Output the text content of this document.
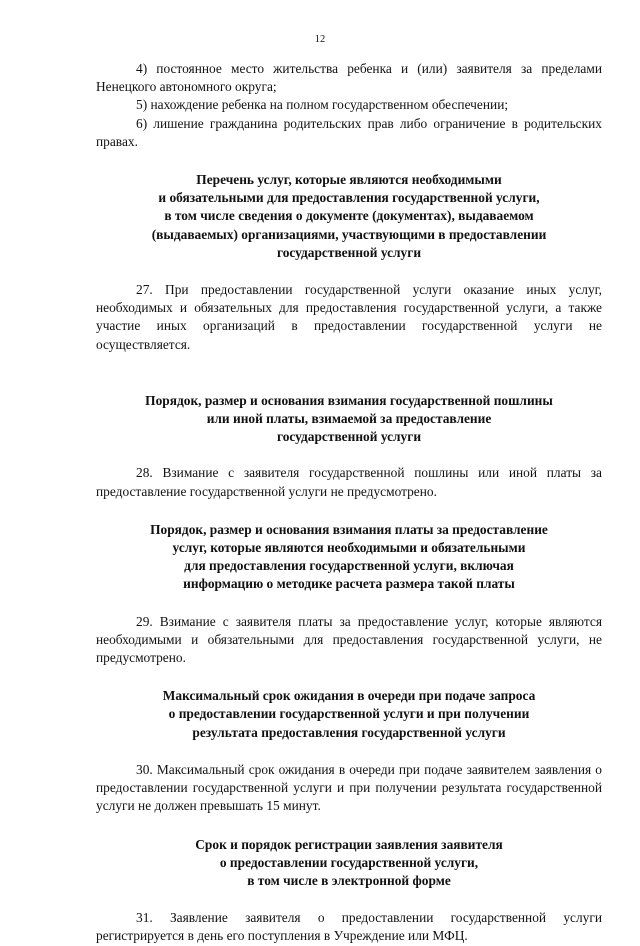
12

4) постоянное место жительства ребенка и (или) заявителя за пределами Ненецкого автономного округа;

5) нахождение ребенка на полном государственном обеспечении;

6) лишение гражданина родительских прав либо ограничение в родительских правах.

Перечень услуг, которые являются необходимыми
и обязательными для предоставления государственной услуги,
в том числе сведения о документе (документах), выдаваемом
(выдаваемых) организациями, участвующими в предоставлении
государственной услуги

27. При предоставлении государственной услуги оказание иных услуг, необходимых и обязательных для предоставления государственной услуги, а также участие иных организаций в предоставлении государственной услуги не осуществляется.

Порядок, размер и основания взимания государственной пошлины
или иной платы, взимаемой за предоставление
государственной услуги

28. Взимание с заявителя государственной пошлины или иной платы за предоставление государственной услуги не предусмотрено.

Порядок, размер и основания взимания платы за предоставление
услуг, которые являются необходимыми и обязательными
для предоставления государственной услуги, включая
информацию о методике расчета размера такой платы

29. Взимание с заявителя платы за предоставление услуг, которые являются необходимыми и обязательными для предоставления государственной услуги, не предусмотрено.

Максимальный срок ожидания в очереди при подаче запроса
о предоставлении государственной услуги и при получении
результата предоставления государственной услуги

30. Максимальный срок ожидания в очереди при подаче заявителем заявления о предоставлении государственной услуги и при получении результата государственной услуги не должен превышать 15 минут.

Срок и порядок регистрации заявления заявителя
о предоставлении государственной услуги,
в том числе в электронной форме

31. Заявление заявителя о предоставлении государственной услуги регистрируется в день его поступления в Учреждение или МФЦ.
